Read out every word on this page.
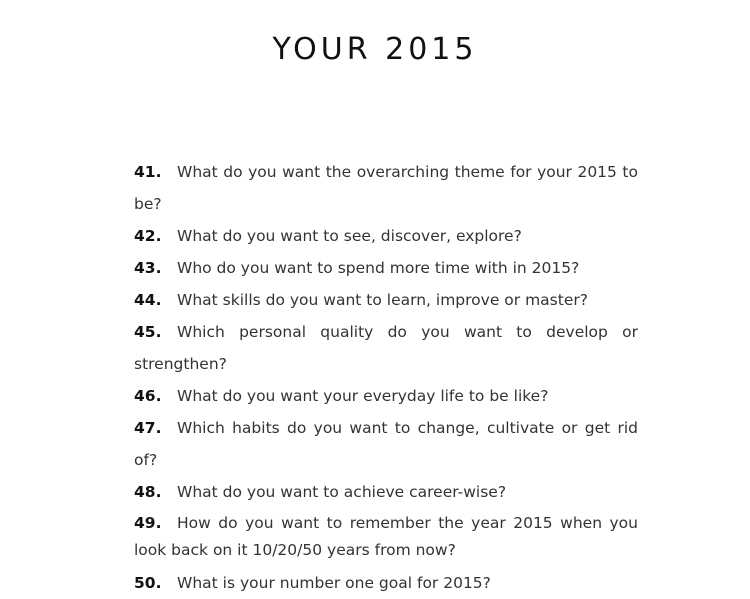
YOUR 2015
41. What do you want the overarching theme for your 2015 to be?
42. What do you want to see, discover, explore?
43. Who do you want to spend more time with in 2015?
44. What skills do you want to learn, improve or master?
45. Which personal quality do you want to develop or strengthen?
46. What do you want your everyday life to be like?
47. Which habits do you want to change, cultivate or get rid of?
48. What do you want to achieve career-wise?
49. How do you want to remember the year 2015 when you look back on it 10/20/50 years from now?
50. What is your number one goal for 2015?
